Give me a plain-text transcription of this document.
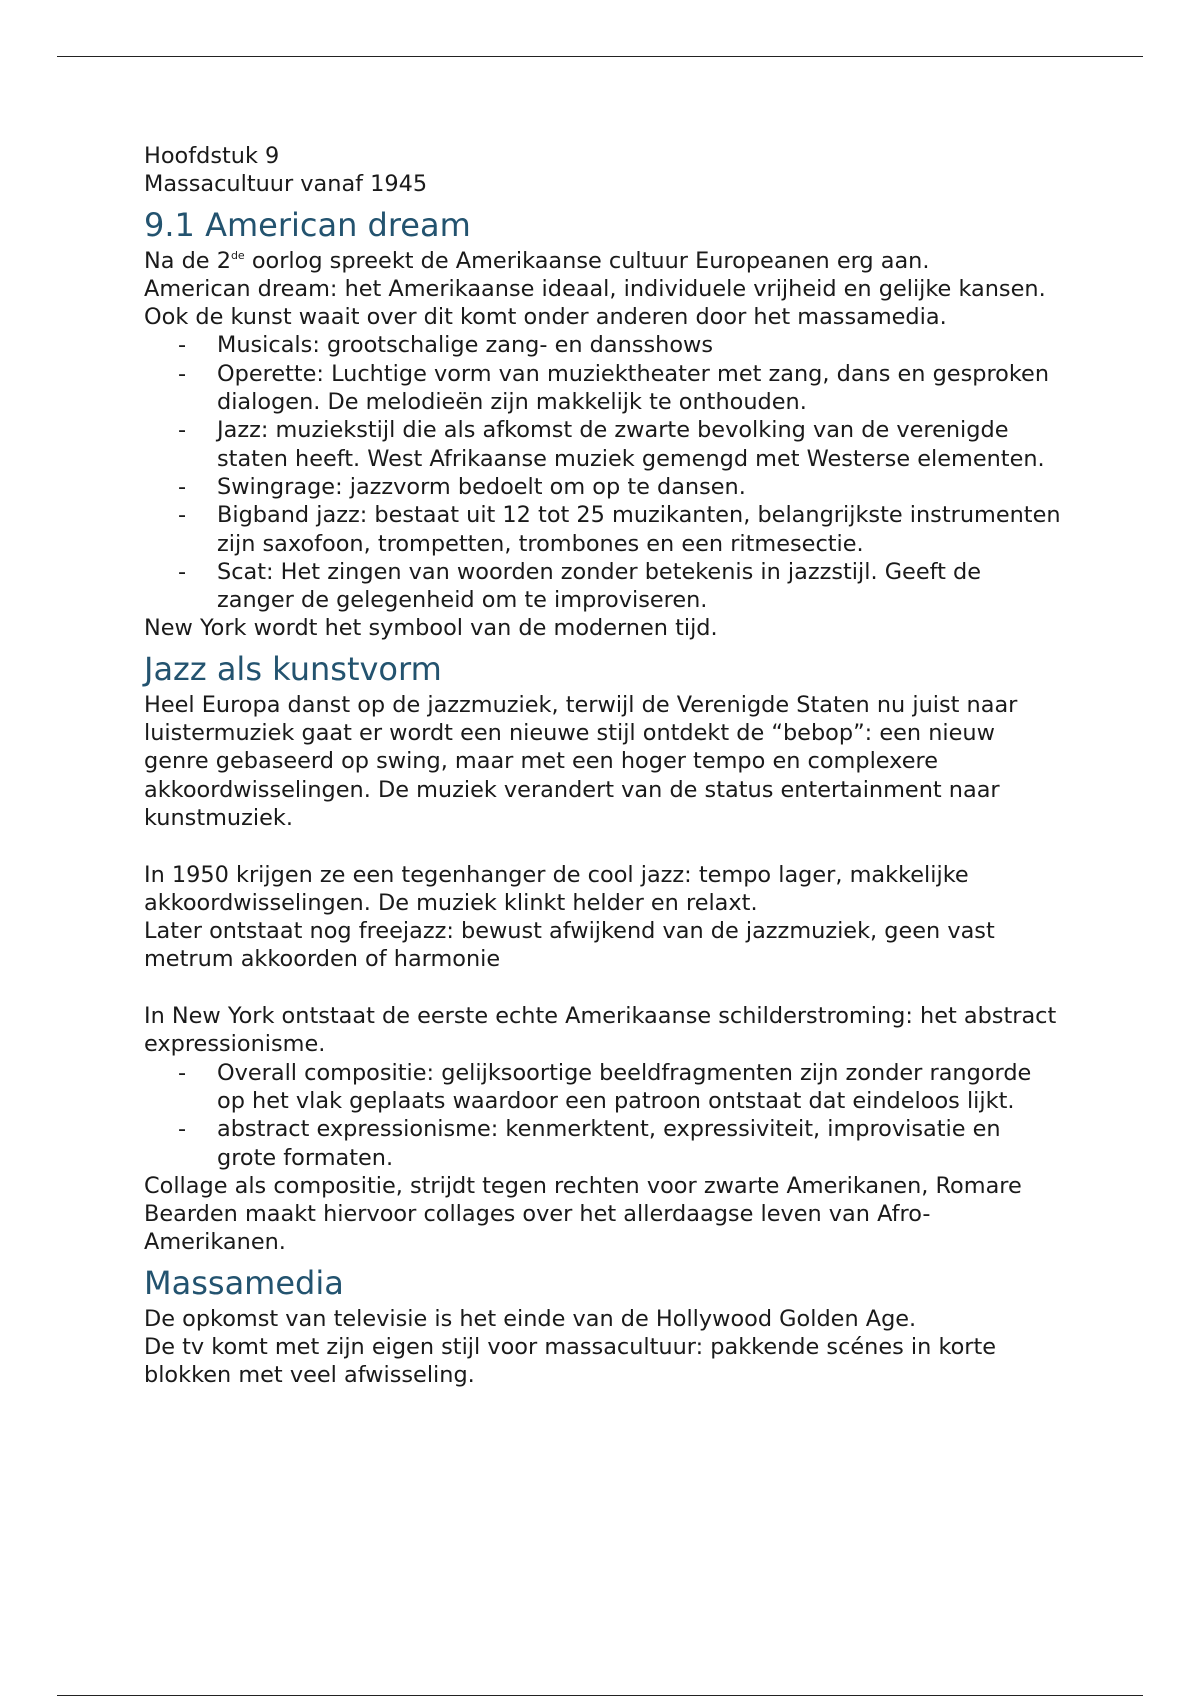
Hoofdstuk 9

Massacultuur vanaf 1945

9.1 American dream

Na de 2de oorlog spreekt de Amerikaanse cultuur Europeanen erg aan.

American dream: het Amerikaanse ideaal, individuele vrijheid en gelijke kansen.

Ook de kunst waait over dit komt onder anderen door het massamedia.

- Musicals: grootschalige zang- en dansshows
- Operette: Luchtige vorm van muziektheater met zang, dans en gesproken dialogen. De melodieën zijn makkelijk te onthouden.
- Jazz: muziekstijl die als afkomst de zwarte bevolking van de verenigde staten heeft. West Afrikaanse muziek gemengd met Westerse elementen.
- Swingrage: jazzvorm bedoelt om op te dansen.
- Bigband jazz: bestaat uit 12 tot 25 muzikanten, belangrijkste instrumenten zijn saxofoon, trompetten, trombones en een ritmesectie.
- Scat: Het zingen van woorden zonder betekenis in jazzstijl. Geeft de zanger de gelegenheid om te improviseren.

New York wordt het symbool van de modernen tijd.

Jazz als kunstvorm

Heel Europa danst op de jazzmuziek, terwijl de Verenigde Staten nu juist naar luistermuziek gaat er wordt een nieuwe stijl ontdekt de “bebop”: een nieuw genre gebaseerd op swing, maar met een hoger tempo en complexere akkoordwisselingen. De muziek verandert van de status entertainment naar kunstmuziek.

In 1950 krijgen ze een tegenhanger de cool jazz: tempo lager, makkelijke akkoordwisselingen. De muziek klinkt helder en relaxt.

Later ontstaat nog freejazz: bewust afwijkend van de jazzmuziek, geen vast metrum akkoorden of harmonie

In New York ontstaat de eerste echte Amerikaanse schilderstroming: het abstract expressionisme.

- Overall compositie: gelijksoortige beeldfragmenten zijn zonder rangorde op het vlak geplaats waardoor een patroon ontstaat dat eindeloos lijkt.
- abstract expressionisme: kenmerktent, expressiviteit, improvisatie en grote formaten.

Collage als compositie, strijdt tegen rechten voor zwarte Amerikanen, Romare Bearden maakt hiervoor collages over het allerdaagse leven van Afro-Amerikanen.

Massamedia

De opkomst van televisie is het einde van de Hollywood Golden Age.

De tv komt met zijn eigen stijl voor massacultuur: pakkende scénes in korte blokken met veel afwisseling.
